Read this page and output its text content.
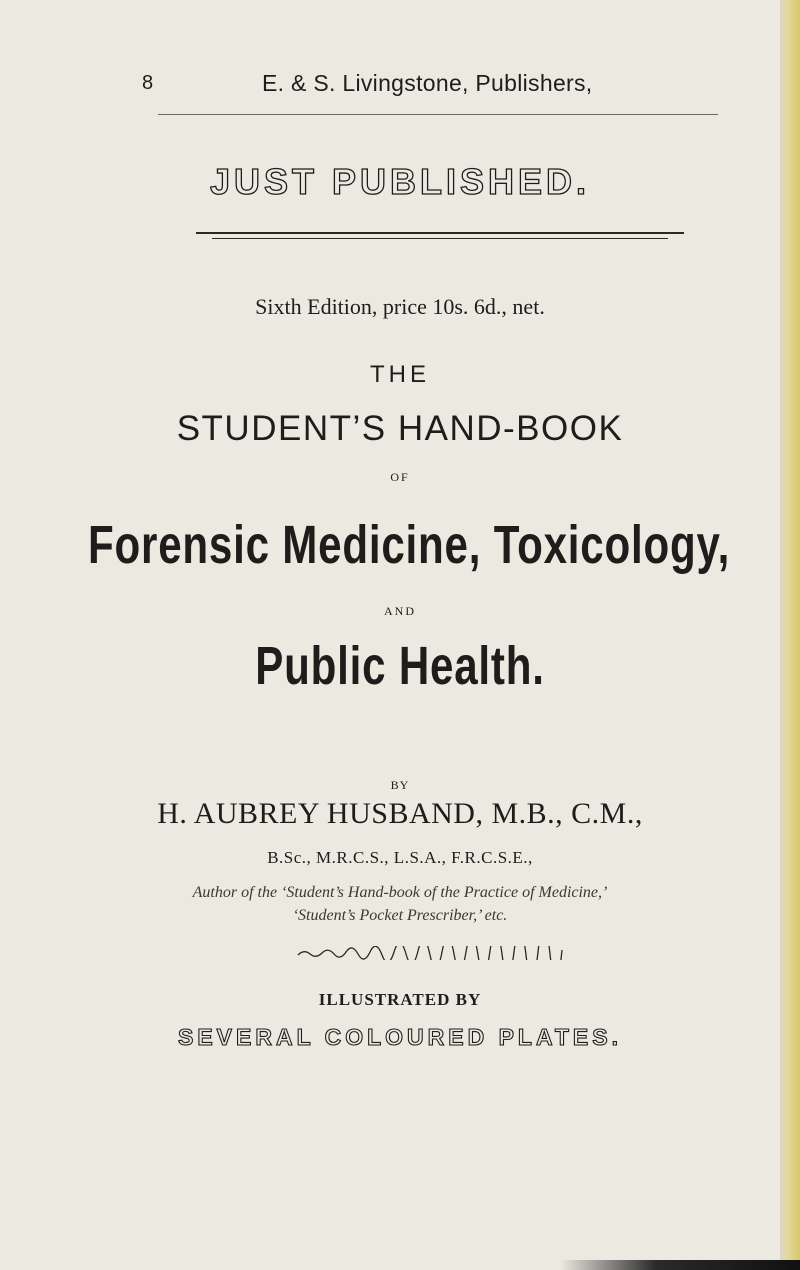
8	E. & S. Livingstone, Publishers,
JUST PUBLISHED.
Sixth Edition, price 10s. 6d., net.
THE
STUDENT’S HAND-BOOK
OF
Forensic Medicine, Toxicology,
AND
Public Health.
BY
H. AUBREY HUSBAND, M.B., C.M.,
B.Sc., M.R.C.S., L.S.A., F.R.C.S.E.,
Author of the ‘Student’s Hand-book of the Practice of Medicine,’
‘Student’s Pocket Prescriber,’ etc.
ILLUSTRATED BY
SEVERAL COLOURED PLATES.
